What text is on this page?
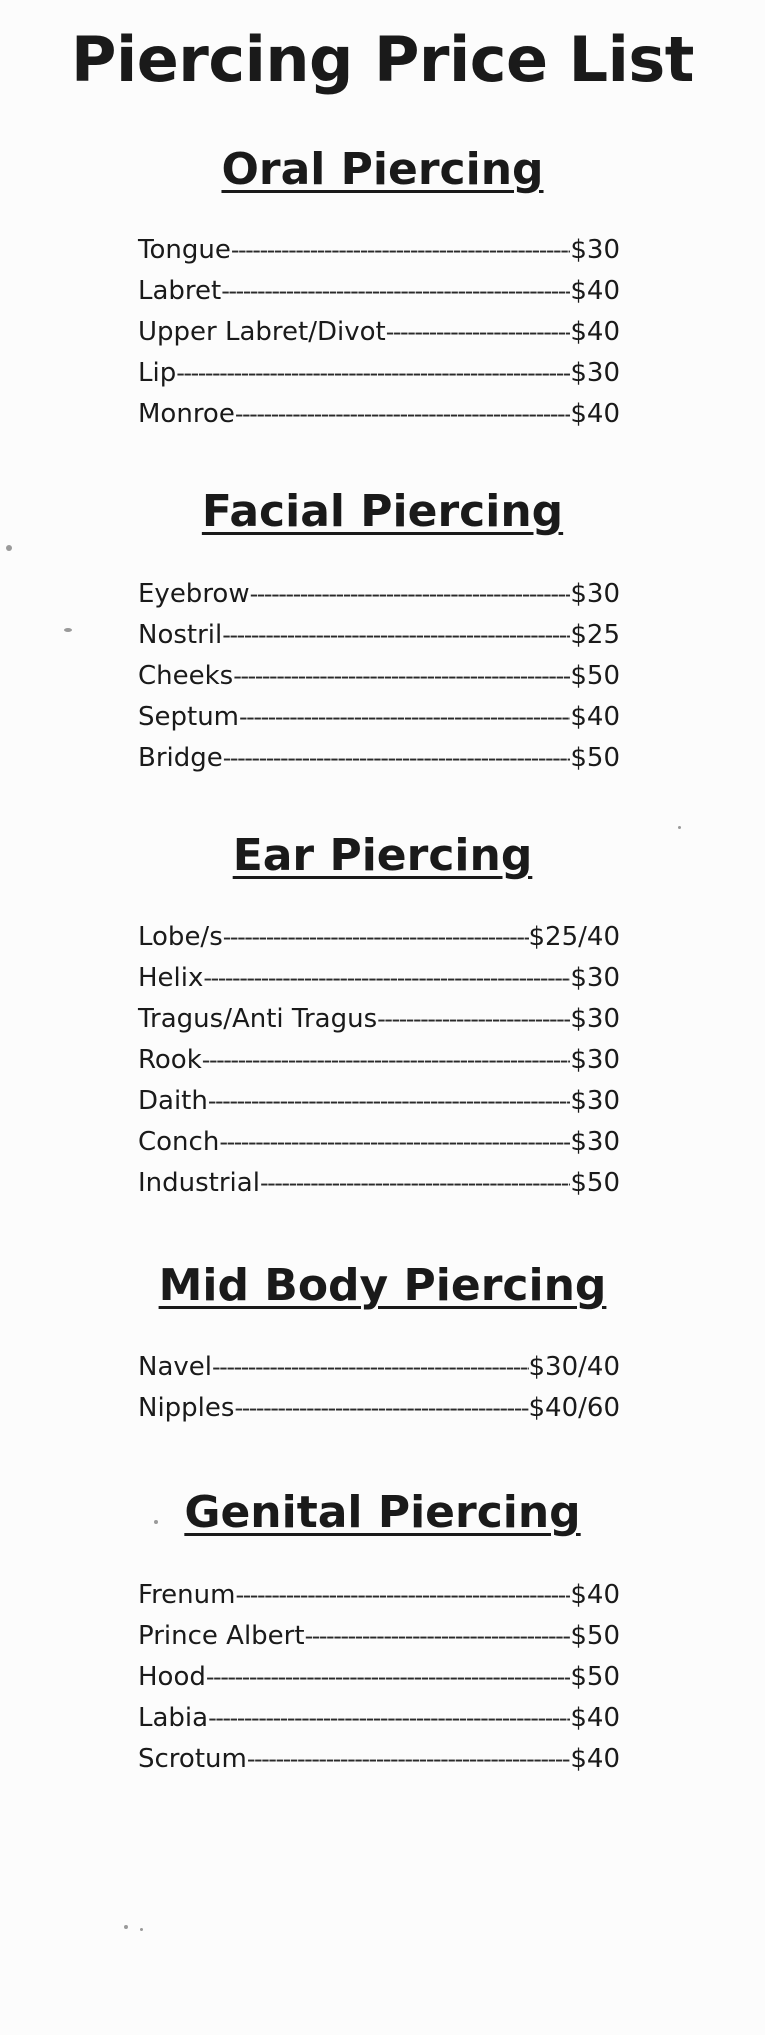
Piercing Price List
Oral Piercing
Tongue -----	$30
Labret -----	$40
Upper Labret/Divot -----	$40
Lip -----	$30
Monroe -----	$40
Facial Piercing
Eyebrow -----	$30
Nostril -----	$25
Cheeks -----	$50
Septum -----	$40
Bridge -----	$50
Ear Piercing
Lobe/s -----	$25/40
Helix -----	$30
Tragus/Anti Tragus -----	$30
Rook -----	$30
Daith -----	$30
Conch -----	$30
Industrial -----	$50
Mid Body Piercing
Navel -----	$30/40
Nipples -----	$40/60
Genital Piercing
Frenum -----	$40
Prince Albert -----	$50
Hood -----	$50
Labia -----	$40
Scrotum -----	$40
